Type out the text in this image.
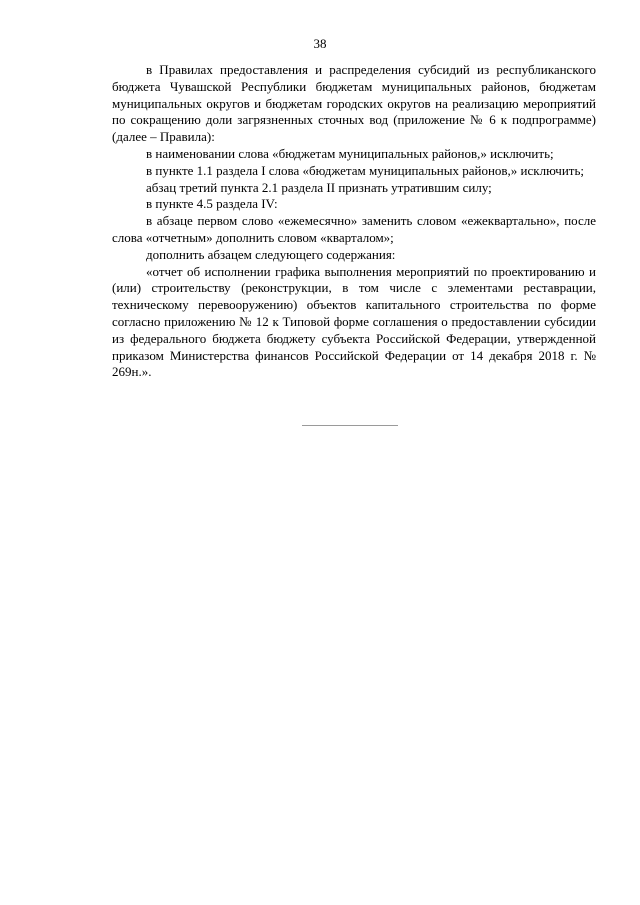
38

в Правилах предоставления и распределения субсидий из республиканского бюджета Чувашской Республики бюджетам муниципальных районов, бюджетам муниципальных округов и бюджетам городских округов на реализацию мероприятий по сокращению доли загрязненных сточных вод (приложение № 6 к подпрограмме) (далее – Правила):

в наименовании слова «бюджетам муниципальных районов,» исключить;

в пункте 1.1 раздела I слова «бюджетам муниципальных районов,» исключить;

абзац третий пункта 2.1 раздела II признать утратившим силу;

в пункте 4.5 раздела IV:

в абзаце первом слово «ежемесячно» заменить словом «ежеквартально», после слова «отчетным» дополнить словом «кварталом»;

дополнить абзацем следующего содержания:

«отчет об исполнении графика выполнения мероприятий по проектированию и (или) строительству (реконструкции, в том числе с элементами реставрации, техническому перевооружению) объектов капитального строительства по форме согласно приложению № 12 к Типовой форме соглашения о предоставлении субсидии из федерального бюджета бюджету субъекта Российской Федерации, утвержденной приказом Министерства финансов Российской Федерации от 14 декабря 2018 г. № 269н.».
